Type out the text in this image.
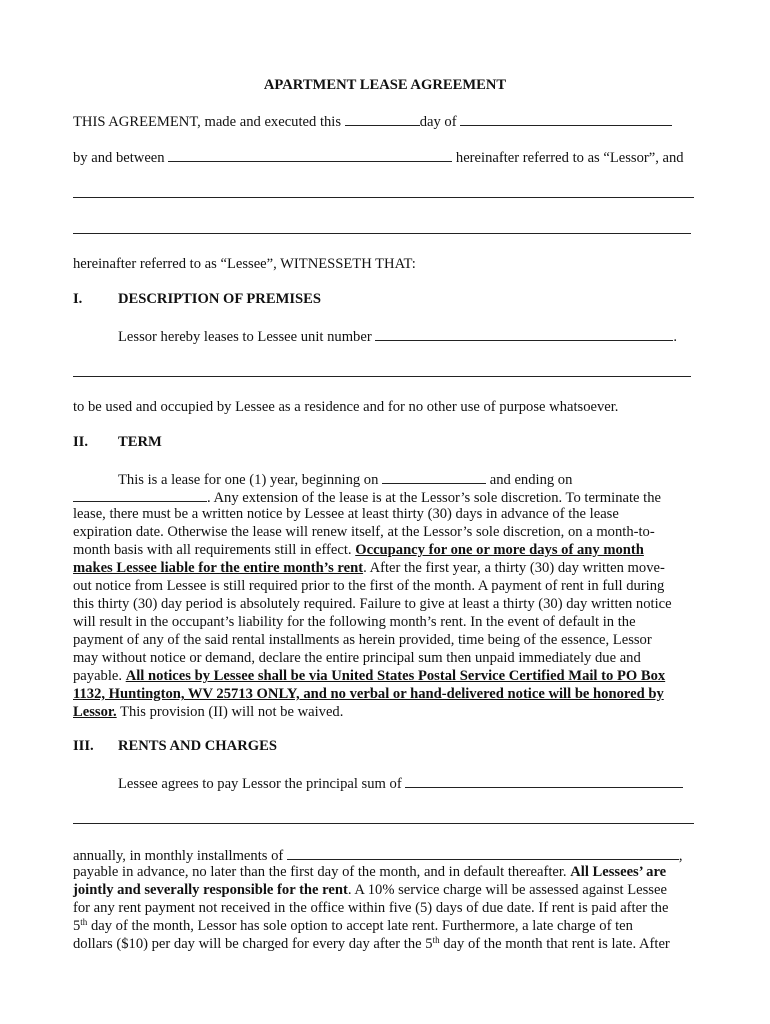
APARTMENT LEASE AGREEMENT
THIS AGREEMENT, made and executed this	day of
by and between	hereinafter referred to as “Lessor”, and
hereinafter referred to as “Lessee”, WITNESSETH THAT:
I. DESCRIPTION OF PREMISES
Lessor hereby leases to Lessee unit number	.
to be used and occupied by Lessee as a residence and for no other use of purpose whatsoever.
II. TERM
This is a lease for one (1) year, beginning on	and ending on
. Any extension of the lease is at the Lessor’s sole discretion. To terminate the
lease, there must be a written notice by Lessee at least thirty (30) days in advance of the lease
expiration date. Otherwise the lease will renew itself, at the Lessor’s sole discretion, on a month-to-
month basis with all requirements still in effect. Occupancy for one or more days of any month
makes Lessee liable for the entire month’s rent. After the first year, a thirty (30) day written move-
out notice from Lessee is still required prior to the first of the month. A payment of rent in full during
this thirty (30) day period is absolutely required. Failure to give at least a thirty (30) day written notice
will result in the occupant’s liability for the following month’s rent. In the event of default in the
payment of any of the said rental installments as herein provided, time being of the essence, Lessor
may without notice or demand, declare the entire principal sum then unpaid immediately due and
payable. All notices by Lessee shall be via United States Postal Service Certified Mail to PO Box
1132, Huntington, WV 25713 ONLY, and no verbal or hand-delivered notice will be honored by
Lessor. This provision (II) will not be waived.
III. RENTS AND CHARGES
Lessee agrees to pay Lessor the principal sum of
annually, in monthly installments of	,
payable in advance, no later than the first day of the month, and in default thereafter. All Lessees’ are
jointly and severally responsible for the rent. A 10% service charge will be assessed against Lessee
for any rent payment not received in the office within five (5) days of due date. If rent is paid after the
5th day of the month, Lessor has sole option to accept late rent. Furthermore, a late charge of ten
dollars ($10) per day will be charged for every day after the 5th day of the month that rent is late. After
